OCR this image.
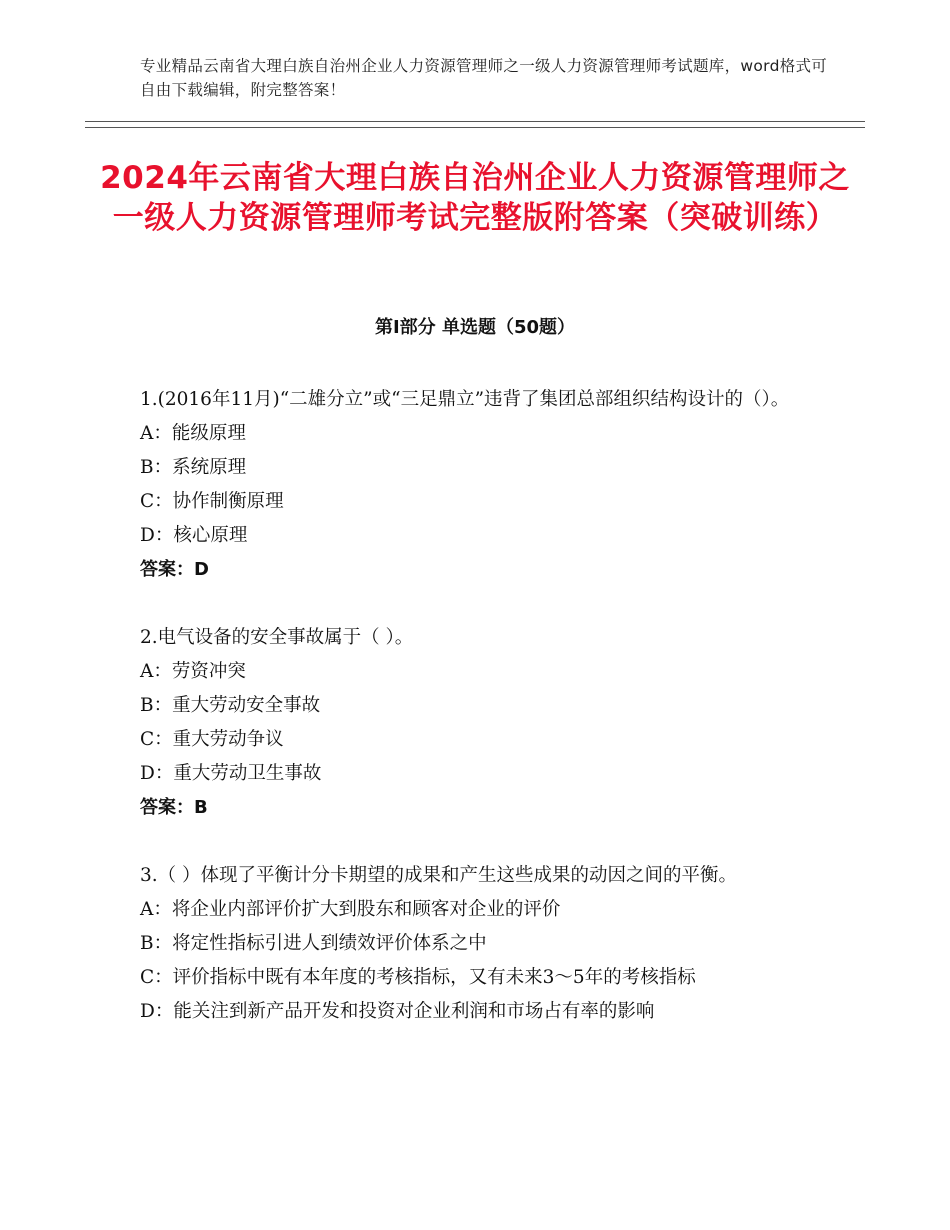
专业精品云南省大理白族自治州企业人力资源管理师之一级人力资源管理师考试题库，word格式可自由下载编辑，附完整答案！
2024年云南省大理白族自治州企业人力资源管理师之一级人力资源管理师考试完整版附答案（突破训练）
第Ⅰ部分 单选题（50题）

1.(2016年11月)“二雄分立”或“三足鼎立”违背了集团总部组织结构设计的（）。

A：能级原理

B：系统原理

C：协作制衡原理

D：核心原理

答案：D

2.电气设备的安全事故属于（ ）。

A：劳资冲突

B：重大劳动安全事故

C：重大劳动争议

D：重大劳动卫生事故

答案：B

3.（ ）体现了平衡计分卡期望的成果和产生这些成果的动因之间的平衡。

A：将企业内部评价扩大到股东和顾客对企业的评价

B：将定性指标引进人到绩效评价体系之中

C：评价指标中既有本年度的考核指标，又有未来3～5年的考核指标

D：能关注到新产品开发和投资对企业利润和市场占有率的影响
